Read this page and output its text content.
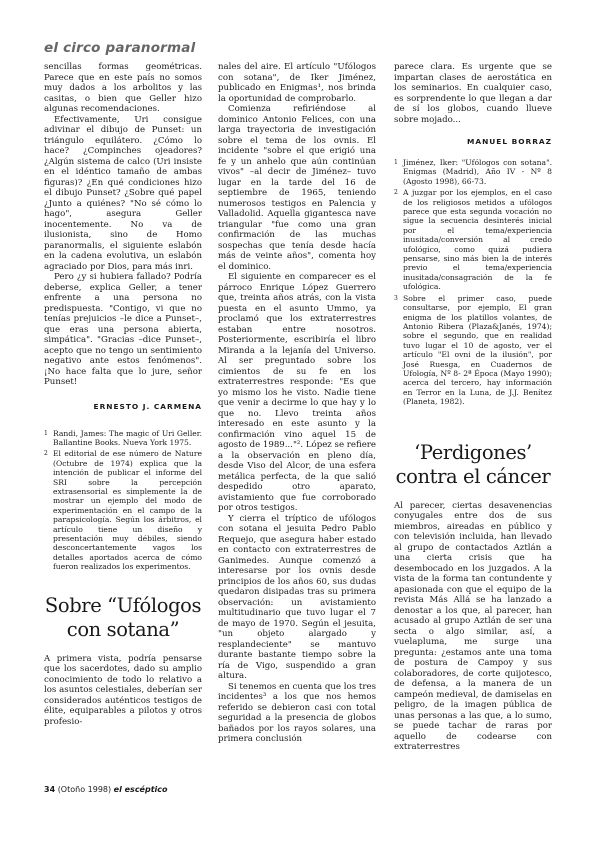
el circo paranormal

sencillas formas geométricas. Parece que en este país no somos muy dados a los arbolitos y las casitas, o bien que Geller hizo algunas recomendaciones.

Efectivamente, Uri consigue adivinar el dibujo de Punset: un triángulo equilátero. ¿Cómo lo hace? ¿Compinches ojeadores? ¿Algún sistema de calco (Uri insiste en el idéntico tamaño de ambas figuras)? ¿En qué condiciones hizo el dibujo Punset? ¿Sobre qué papel ¿Junto a quiénes? "No sé cómo lo hago", asegura Geller inocentemente. No va de ilusionista, sino de Homo paranormalis, el siguiente eslabón en la cadena evolutiva, un eslabón agraciado por Dios, para más inri.

Pero ¿y si hubiera fallado? Podría deberse, explica Geller, a tener enfrente a una persona no predispuesta. "Contigo, vi que no tenías prejuicios –le dice a Punset–, que eras una persona abierta, simpática". "Gracias –dice Punset–, acepto que no tengo un sentimiento negativo ante estos fenómenos". ¡No hace falta que lo jure, señor Punset!

ERNESTO J. CARMENA
1 Randi, James: The magic of Uri Geller. Ballantine Books. Nueva York 1975.
2 El editorial de ese número de Nature (Octubre de 1974) explica que la intención de publicar el informe del SRI sobre la percepción extrasensorial es simplemente la de mostrar un ejemplo del modo de experimentación en el campo de la parapsicología. Según los árbitros, el artículo tiene un diseño y presentación muy débiles, siendo desconcertantemente vagos los detalles aportados acerca de cómo fueron realizados los experimentos.
Sobre “Ufólogos con sotana”

A primera vista, podría pensarse que los sacerdotes, dado su amplio conocimiento de todo lo relativo a los asuntos celestiales, deberían ser considerados auténticos testigos de élite, equiparables a pilotos y otros profesio-

nales del aire. El artículo "Ufólogos con sotana", de Iker Jiménez, publicado en Enigmas¹, nos brinda la oportunidad de comprobarlo.

Comienza refiriéndose al dominico Antonio Felices, con una larga trayectoria de investigación sobre el tema de los ovnis. El incidente "sobre el que erigió una fe y un anhelo que aún continúan vivos" –al decir de Jiménez– tuvo lugar en la tarde del 16 de septiembre de 1965, teniendo numerosos testigos en Palencia y Valladolid. Aquella gigantesca nave triangular "fue como una gran confirmación de las muchas sospechas que tenía desde hacía más de veinte años", comenta hoy el dominico.

El siguiente en comparecer es el párroco Enrique López Guerrero que, treinta años atrás, con la vista puesta en el asunto Ummo, ya proclamó que los extraterrestres estaban entre nosotros. Posteriormente, escribiría el libro Miranda a la lejanía del Universo. Al ser preguntado sobre los cimientos de su fe en los extraterrestres responde: "Es que yo mismo los he visto. Nadie tiene que venir a decirme lo que hay y lo que no. Llevo treinta años interesado en este asunto y la confirmación vino aquel 15 de agosto de 1989..."². López se refiere a la observación en pleno día, desde Viso del Alcor, de una esfera metálica perfecta, de la que salió despedido otro aparato, avistamiento que fue corroborado por otros testigos.

Y cierra el tríptico de ufólogos con sotana el jesuita Pedro Pablo Requejo, que asegura haber estado en contacto con extraterrestres de Ganimedes. Aunque comenzó a interesarse por los ovnis desde principios de los años 60, sus dudas quedaron disipadas tras su primera observación: un avistamiento multitudinario que tuvo lugar el 7 de mayo de 1970. Según el jesuita, "un objeto alargado y resplandeciente" se mantuvo durante bastante tiempo sobre la ría de Vigo, suspendido a gran altura.

Si tenemos en cuenta que los tres incidentes³ a los que nos hemos referido se debieron casi con total seguridad a la presencia de globos bañados por los rayos solares, una primera conclusión

parece clara. Es urgente que se impartan clases de aerostática en los seminarios. En cualquier caso, es sorprendente lo que llegan a dar de sí los globos, cuando llueve sobre mojado...

MANUEL BORRAZ
1 Jiménez, Iker: "Ufólogos con sotana". Enigmas (Madrid), Año IV - Nº 8 (Agosto 1998), 66-73.
2 A juzgar por los ejemplos, en el caso de los religiosos metidos a ufólogos parece que esta segunda vocación no sigue la secuencia desinterés inicial por el tema/experiencia inusitada/conversión al credo ufológico, como quizá pudiera pensarse, sino más bien la de interés previo el tema/experiencia inusitada/consagración de la fe ufológica.
3 Sobre el primer caso, puede consultarse, por ejemplo, El gran enigma de los platillos volantes, de Antonio Ribera (Plaza&Janés, 1974); sobre el segundo, que en realidad tuvo lugar el 10 de agosto, ver el artículo "El ovni de la ilusión", por José Ruesga, en Cuadernos de Ufología, Nº 8- 2ª Época (Mayo 1990); acerca del tercero, hay información en Terror en la Luna, de J.J. Benítez (Planeta, 1982).
‘Perdigones’ contra el cáncer

Al parecer, ciertas desavenencias conyugales entre dos de sus miembros, aireadas en público y con televisión incluida, han llevado al grupo de contactados Aztlán a una cierta crisis que ha desembocado en los juzgados. A la vista de la forma tan contundente y apasionada con que el equipo de la revista Más Allá se ha lanzado a denostar a los que, al parecer, han acusado al grupo Aztlán de ser una secta o algo similar, así, a vuelapluma, me surge una pregunta: ¿estamos ante una toma de postura de Campoy y sus colaboradores, de corte quijotesco, de defensa, a la manera de un campeón medieval, de damiselas en peligro, de la imagen pública de unas personas a las que, a lo sumo, se puede tachar de raras por aquello de codearse con extraterrestres

34 (Otoño 1998) el escéptico
